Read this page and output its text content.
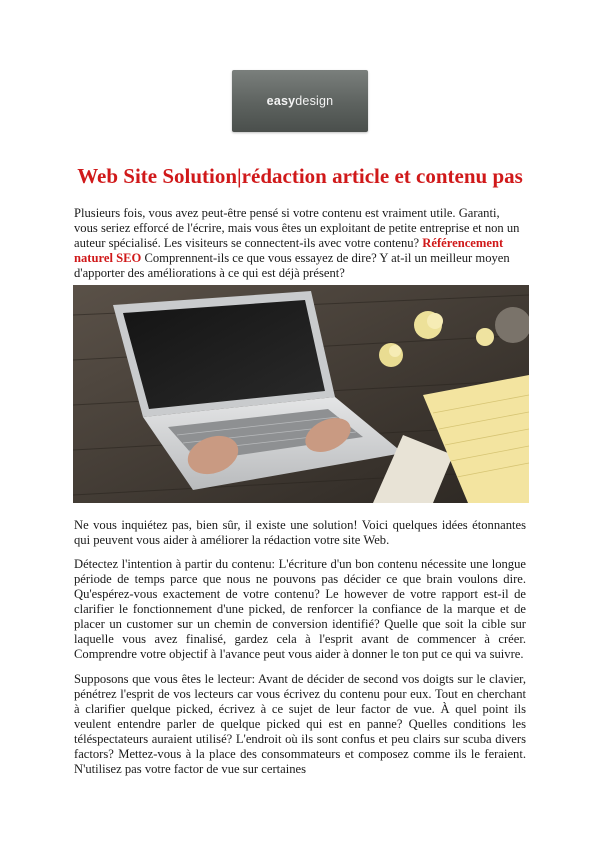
easydesign
Web Site Solution|rédaction article et contenu pas

Plusieurs fois, vous avez peut-être pensé si votre contenu est vraiment utile. Garanti, vous seriez efforcé de l'écrire, mais vous êtes un exploitant de petite entreprise et non un auteur spécialisé. Les visiteurs se connectent-ils avec votre contenu? Référencement naturel SEO Comprennent-ils ce que vous essayez de dire? Y at-il un meilleur moyen d'apporter des améliorations à ce qui est déjà présent?

Ne vous inquiétez pas, bien sûr, il existe une solution! Voici quelques idées étonnantes qui peuvent vous aider à améliorer la rédaction votre site Web.

Détectez l'intention à partir du contenu: L'écriture d'un bon contenu nécessite une longue période de temps parce que nous ne pouvons pas décider ce que brain voulons dire. Qu'espérez-vous exactement de votre contenu? Le however de votre rapport est-il de clarifier le fonctionnement d'une picked, de renforcer la confiance de la marque et de placer un customer sur un chemin de conversion identifié? Quelle que soit la cible sur laquelle vous avez finalisé, gardez cela à l'esprit avant de commencer à créer. Comprendre votre objectif à l'avance peut vous aider à donner le ton put ce qui va suivre.

Supposons que vous êtes le lecteur: Avant de décider de second vos doigts sur le clavier, pénétrez l'esprit de vos lecteurs car vous écrivez du contenu pour eux. Tout en cherchant à clarifier quelque picked, écrivez à ce sujet de leur factor de vue. À quel point ils veulent entendre parler de quelque picked qui est en panne? Quelles conditions les téléspectateurs auraient utilisé? L'endroit où ils sont confus et peu clairs sur scuba divers factors? Mettez-vous à la place des consommateurs et composez comme ils le feraient. N'utilisez pas votre factor de vue sur certaines
